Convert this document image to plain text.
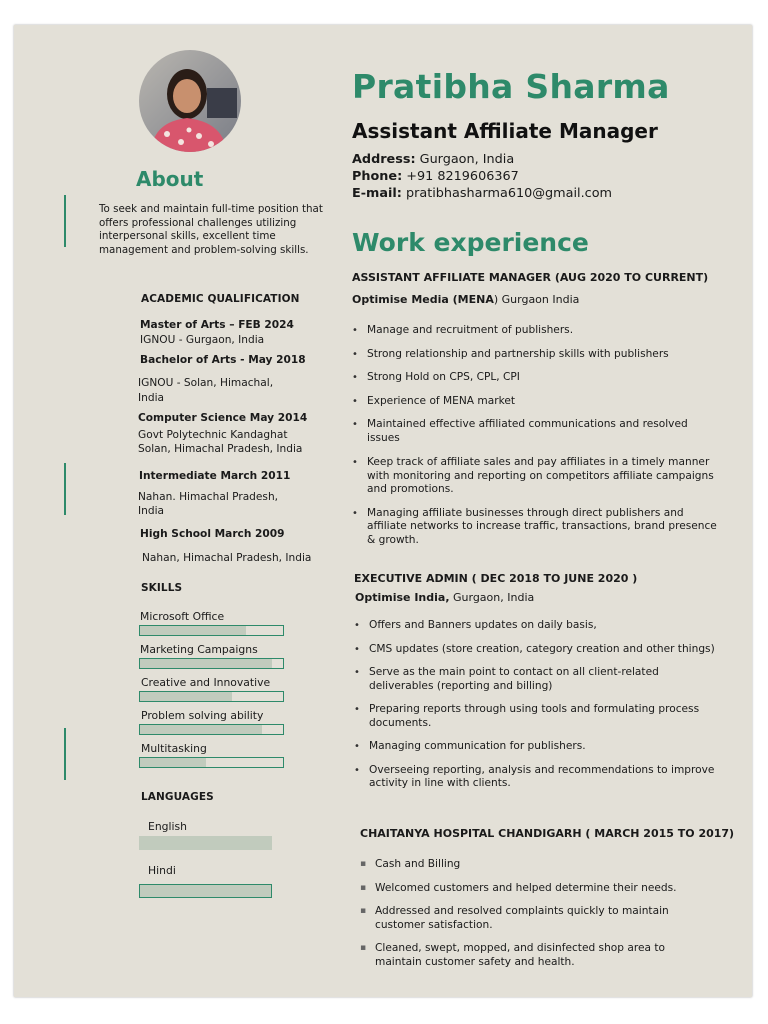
About
To seek and maintain full-time position that offers professional challenges utilizing interpersonal skills, excellent time management and problem-solving skills.
ACADEMIC QUALIFICATION
Master of Arts – FEB 2024
IGNOU - Gurgaon, India
Bachelor of Arts - May 2018
IGNOU - Solan, Himachal,
India
Computer Science May 2014
Govt Polytechnic Kandaghat
Solan, Himachal Pradesh, India
Intermediate March 2011
Nahan. Himachal Pradesh,
India
High School March 2009
Nahan, Himachal Pradesh, India
SKILLS
Microsoft Office
Marketing Campaigns
Creative and Innovative
Problem solving ability
Multitasking
LANGUAGES
English
Hindi
Pratibha Sharma
Assistant Affiliate Manager
Address: Gurgaon, India
Phone: +91 8219606367
E-mail: pratibhasharma610@gmail.com
Work experience
ASSISTANT AFFILIATE MANAGER (AUG 2020 TO CURRENT)
Optimise Media (MENA) Gurgaon India
• Manage and recruitment of publishers.
• Strong relationship and partnership skills with publishers
• Strong Hold on CPS, CPL, CPI
• Experience of MENA market
• Maintained effective affiliated communications and resolved issues
• Keep track of affiliate sales and pay affiliates in a timely manner with monitoring and reporting on competitors affiliate campaigns and promotions.
• Managing affiliate businesses through direct publishers and affiliate networks to increase traffic, transactions, brand presence & growth.
EXECUTIVE ADMIN ( DEC 2018 TO JUNE 2020 )
Optimise India, Gurgaon, India
• Offers and Banners updates on daily basis,
• CMS updates (store creation, category creation and other things)
• Serve as the main point to contact on all client-related deliverables (reporting and billing)
• Preparing reports through using tools and formulating process documents.
• Managing communication for publishers.
• Overseeing reporting, analysis and recommendations to improve activity in line with clients.
CHAITANYA HOSPITAL CHANDIGARH ( MARCH 2015 TO 2017)
▪ Cash and Billing
▪ Welcomed customers and helped determine their needs.
▪ Addressed and resolved complaints quickly to maintain customer satisfaction.
▪ Cleaned, swept, mopped, and disinfected shop area to maintain customer safety and health.
